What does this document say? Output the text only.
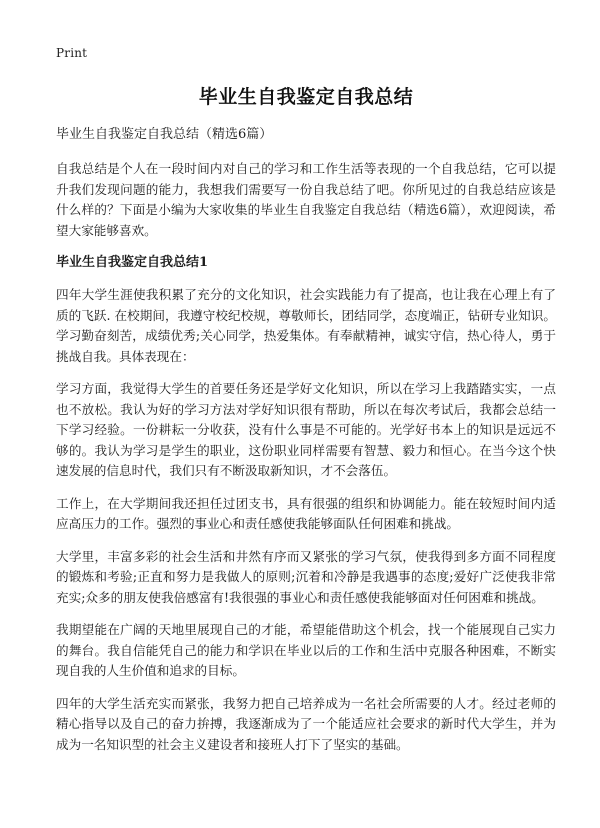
Print
毕业生自我鉴定自我总结
毕业生自我鉴定自我总结（精选6篇）

自我总结是个人在一段时间内对自己的学习和工作生活等表现的一个自我总结，它可以提升我们发现问题的能力，我想我们需要写一份自我总结了吧。你所见过的自我总结应该是什么样的？下面是小编为大家收集的毕业生自我鉴定自我总结（精选6篇），欢迎阅读，希望大家能够喜欢。

毕业生自我鉴定自我总结1

四年大学生涯使我积累了充分的文化知识，社会实践能力有了提高，也让我在心理上有了质的飞跃. 在校期间，我遵守校纪校规，尊敬师长，团结同学，态度端正，钻研专业知识。学习勤奋刻苦，成绩优秀;关心同学，热爱集体。有奉献精神，诚实守信，热心待人，勇于挑战自我。具体表现在：

学习方面，我觉得大学生的首要任务还是学好文化知识，所以在学习上我踏踏实实，一点也不放松。我认为好的学习方法对学好知识很有帮助，所以在每次考试后，我都会总结一下学习经验。一份耕耘一分收获，没有什么事是不可能的。光学好书本上的知识是远远不够的。我认为学习是学生的职业，这份职业同样需要有智慧、毅力和恒心。在当今这个快速发展的信息时代，我们只有不断汲取新知识，才不会落伍。

工作上，在大学期间我还担任过团支书，具有很强的组织和协调能力。能在较短时间内适应高压力的工作。强烈的事业心和责任感使我能够面队任何困难和挑战。

大学里，丰富多彩的社会生活和井然有序而又紧张的学习气氛，使我得到多方面不同程度的锻炼和考验;正直和努力是我做人的原则;沉着和冷静是我遇事的态度;爱好广泛使我非常充实;众多的朋友使我倍感富有!我很强的事业心和责任感使我能够面对任何困难和挑战。

我期望能在广阔的天地里展现自己的才能，希望能借助这个机会，找一个能展现自己实力的舞台。我自信能凭自己的能力和学识在毕业以后的工作和生活中克服各种困难，不断实现自我的人生价值和追求的目标。

四年的大学生活充实而紧张，我努力把自己培养成为一名社会所需要的人才。经过老师的精心指导以及自己的奋力拚搏，我逐渐成为了一个能适应社会要求的新时代大学生，并为成为一名知识型的社会主义建设者和接班人打下了坚实的基础。
